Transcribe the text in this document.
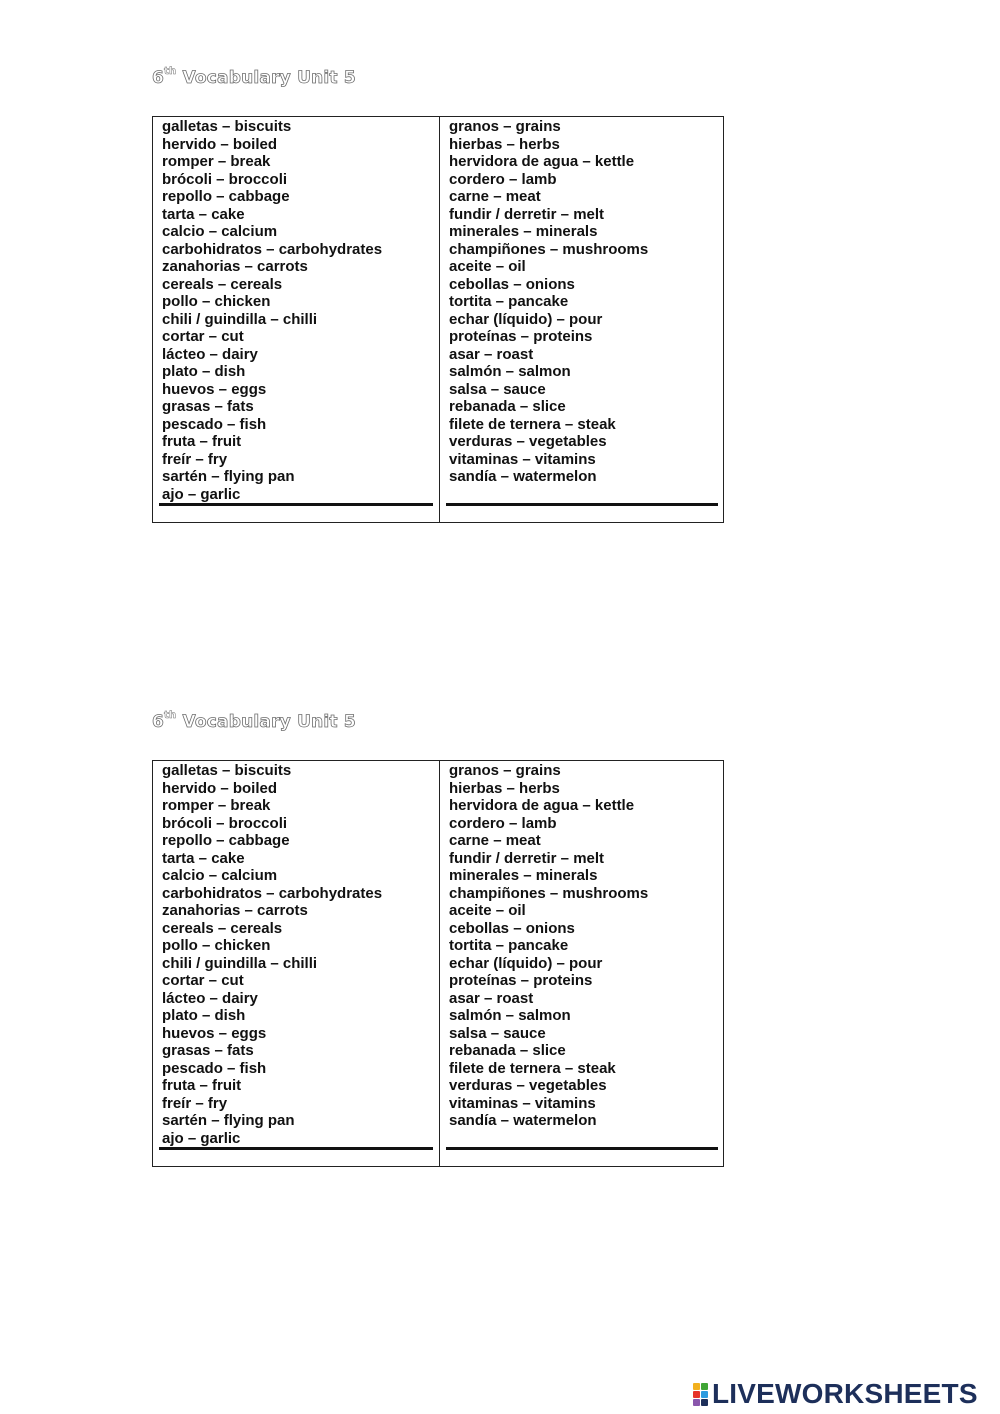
6th Vocabulary Unit 5
galletas – biscuits
hervido – boiled
romper – break
brócoli – broccoli
repollo – cabbage
tarta – cake
calcio – calcium
carbohidratos – carbohydrates
zanahorias – carrots
cereals – cereals
pollo – chicken
chili / guindilla – chilli
cortar – cut
lácteo – dairy
plato – dish
huevos – eggs
grasas – fats
pescado – fish
fruta – fruit
freír – fry
sartén – flying pan
ajo – garlic
granos – grains
hierbas – herbs
hervidora de agua – kettle
cordero – lamb
carne – meat
fundir / derretir – melt
minerales – minerals
champiñones – mushrooms
aceite – oil
cebollas – onions
tortita – pancake
echar (líquido) – pour
proteínas – proteins
asar – roast
salmón – salmon
salsa – sauce
rebanada – slice
filete de ternera – steak
verduras – vegetables
vitaminas – vitamins
sandía – watermelon
6th Vocabulary Unit 5
galletas – biscuits
hervido – boiled
romper – break
brócoli – broccoli
repollo – cabbage
tarta – cake
calcio – calcium
carbohidratos – carbohydrates
zanahorias – carrots
cereals – cereals
pollo – chicken
chili / guindilla – chilli
cortar – cut
lácteo – dairy
plato – dish
huevos – eggs
grasas – fats
pescado – fish
fruta – fruit
freír – fry
sartén – flying pan
ajo – garlic
granos – grains
hierbas – herbs
hervidora de agua – kettle
cordero – lamb
carne – meat
fundir / derretir – melt
minerales – minerals
champiñones – mushrooms
aceite – oil
cebollas – onions
tortita – pancake
echar (líquido) – pour
proteínas – proteins
asar – roast
salmón – salmon
salsa – sauce
rebanada – slice
filete de ternera – steak
verduras – vegetables
vitaminas – vitamins
sandía – watermelon
LIVEWORKSHEETS
